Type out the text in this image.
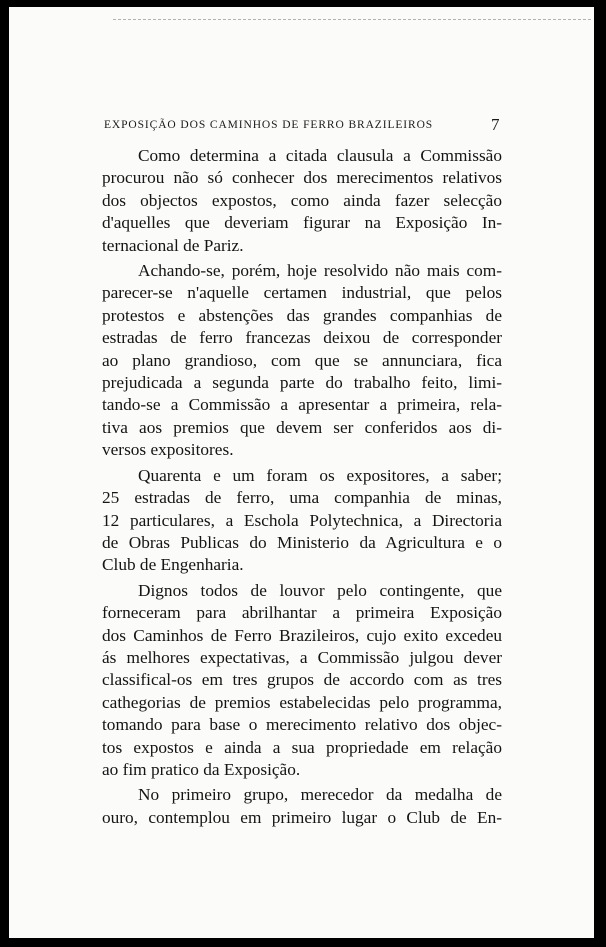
EXPOSIÇÃO DOS CAMINHOS DE FERRO BRAZILEIROS	7

Como determina a citada clausula a Commissão
procurou não só conhecer dos merecimentos relativos
dos objectos expostos, como ainda fazer selecção
d'aquelles que deveriam figurar na Exposição In-
ternacional de Pariz.

Achando-se, porém, hoje resolvido não mais com-
parecer-se n'aquelle certamen industrial, que pelos
protestos e abstenções das grandes companhias de
estradas de ferro francezas deixou de corresponder
ao plano grandioso, com que se annunciara, fica
prejudicada a segunda parte do trabalho feito, limi-
tando-se a Commissão a apresentar a primeira, rela-
tiva aos premios que devem ser conferidos aos di-
versos expositores.

Quarenta e um foram os expositores, a saber;
25 estradas de ferro, uma companhia de minas,
12 particulares, a Eschola Polytechnica, a Directoria
de Obras Publicas do Ministerio da Agricultura e o
Club de Engenharia.

Dignos todos de louvor pelo contingente, que
forneceram para abrilhantar a primeira Exposição
dos Caminhos de Ferro Brazileiros, cujo exito excedeu
ás melhores expectativas, a Commissão julgou dever
classifical-os em tres grupos de accordo com as tres
cathegorias de premios estabelecidas pelo programma,
tomando para base o merecimento relativo dos objec-
tos expostos e ainda a sua propriedade em relação
ao fim pratico da Exposição.

No primeiro grupo, merecedor da medalha de
ouro, contemplou em primeiro lugar o Club de En-
